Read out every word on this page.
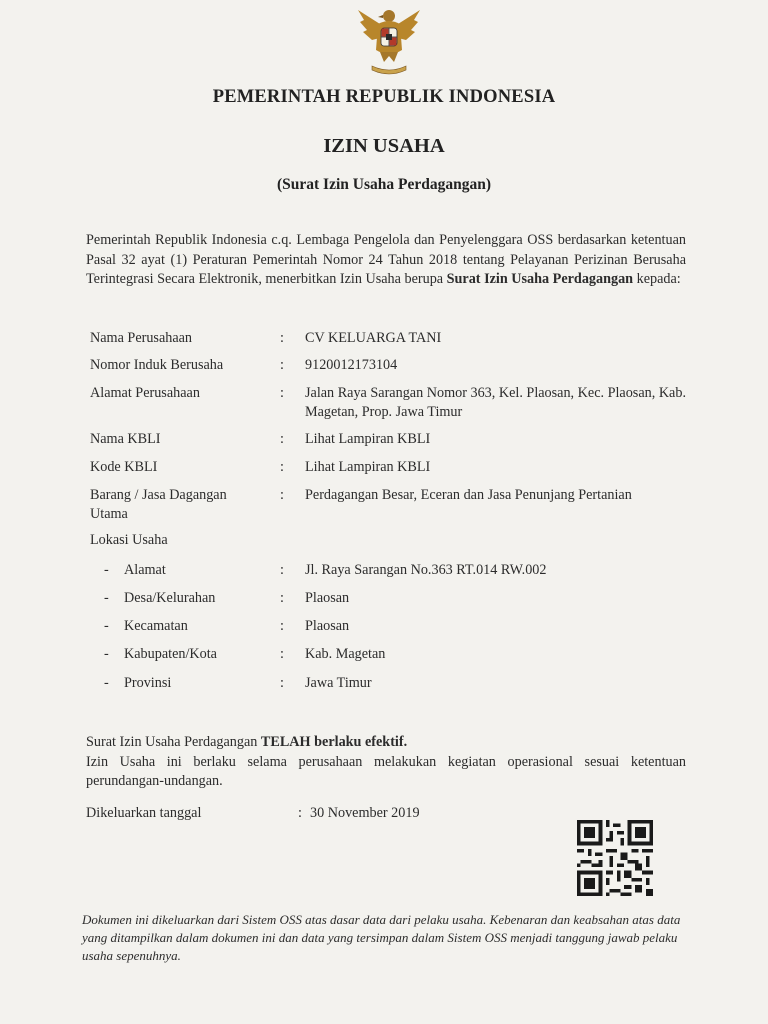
PEMERINTAH REPUBLIK INDONESIA
IZIN USAHA
(Surat Izin Usaha Perdagangan)
Pemerintah Republik Indonesia c.q. Lembaga Pengelola dan Penyelenggara OSS berdasarkan ketentuan Pasal 32 ayat (1) Peraturan Pemerintah Nomor 24 Tahun 2018 tentang Pelayanan Perizinan Berusaha Terintegrasi Secara Elektronik, menerbitkan Izin Usaha berupa Surat Izin Usaha Perdagangan kepada:
Nama Perusahaan	: CV KELUARGA TANI
Nomor Induk Berusaha	: 9120012173104
Alamat Perusahaan	: Jalan Raya Sarangan Nomor 363, Kel. Plaosan, Kec. Plaosan, Kab. Magetan, Prop. Jawa Timur
Nama KBLI	: Lihat Lampiran KBLI
Kode KBLI	: Lihat Lampiran KBLI
Barang / Jasa Dagangan Utama
: Perdagangan Besar, Eceran dan Jasa Penunjang Pertanian
Lokasi Usaha
- Alamat	: Jl. Raya Sarangan No.363 RT.014 RW.002
- Desa/Kelurahan	: Plaosan
- Kecamatan	: Plaosan
- Kabupaten/Kota	: Kab. Magetan
- Provinsi	: Jawa Timur
Surat Izin Usaha Perdagangan TELAH berlaku efektif.
Izin Usaha ini berlaku selama perusahaan melakukan kegiatan operasional sesuai ketentuan perundangan-undangan.
Dikeluarkan tanggal	: 30 November 2019
Dokumen ini dikeluarkan dari Sistem OSS atas dasar data dari pelaku usaha. Kebenaran dan keabsahan atas data yang ditampilkan dalam dokumen ini dan data yang tersimpan dalam Sistem OSS menjadi tanggung jawab pelaku usaha sepenuhnya.
